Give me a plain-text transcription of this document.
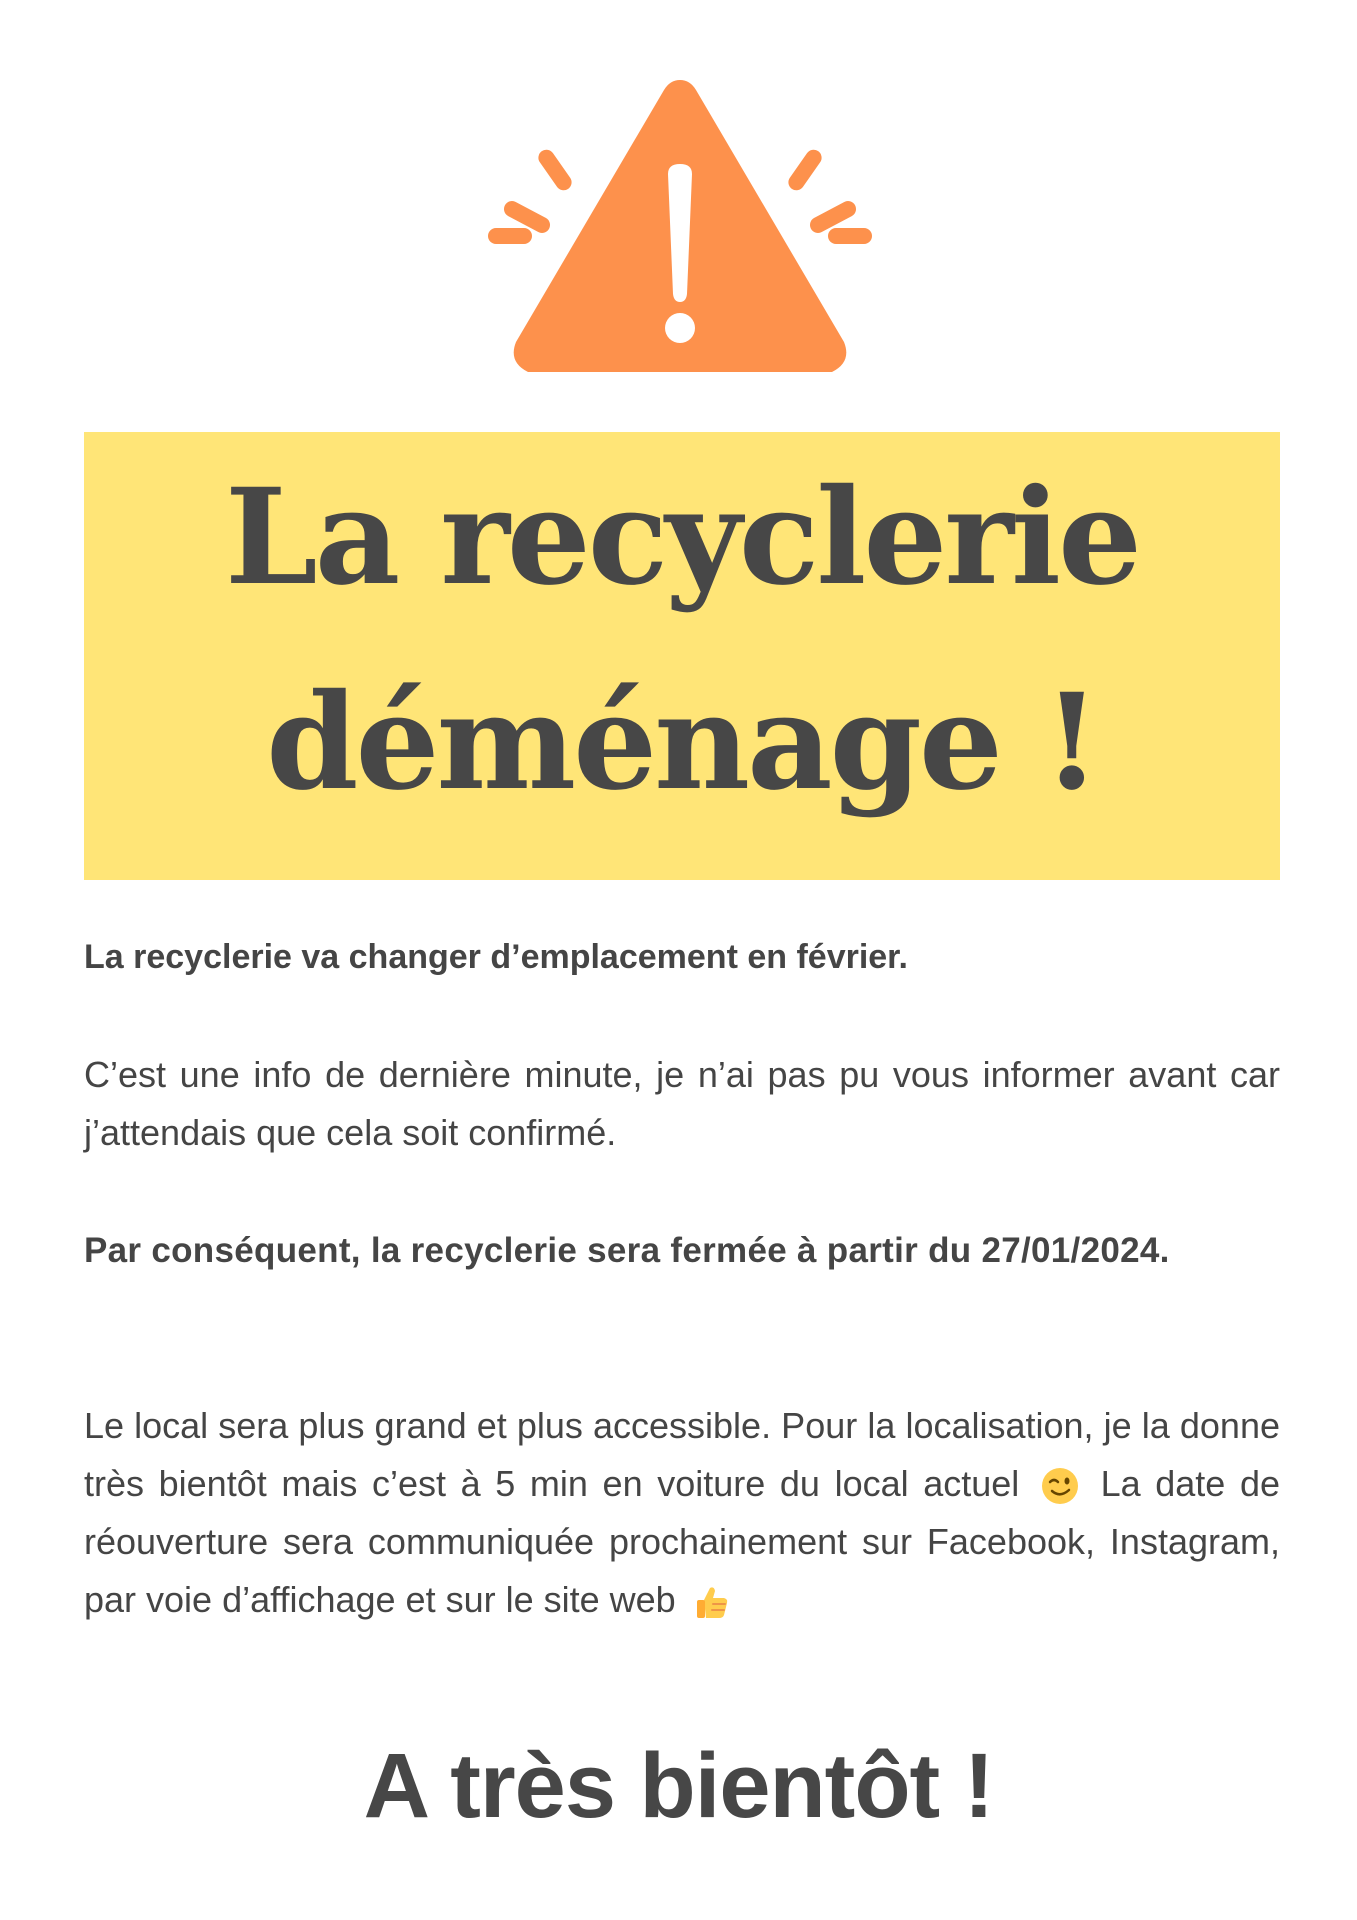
La recyclerie
déménage !

La recyclerie va changer d’emplacement en février.

C’est une info de dernière minute, je n’ai pas pu vous informer avant car j’attendais que cela soit confirmé.

Par conséquent, la recyclerie sera fermée à partir du 27/01/2024.

Le local sera plus grand et plus accessible. Pour la localisation, je la donne très bientôt mais c’est à 5 min en voiture du local actuel La date de réouverture sera communiquée prochainement sur Facebook, Instagram, par voie d’affichage et sur le site web

A très bientôt !
